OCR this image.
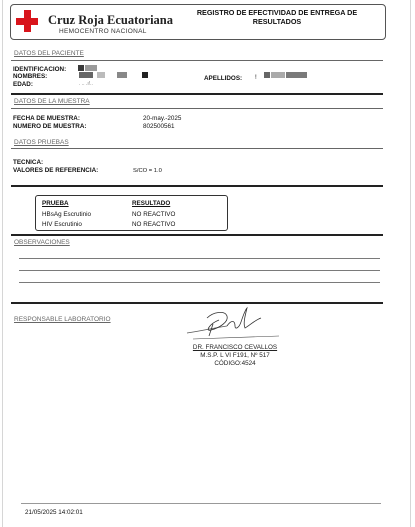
Cruz Roja Ecuatoriana
HEMOCENTRO NACIONAL
REGISTRO DE EFECTIVIDAD DE ENTREGA DE
RESULTADOS
DATOS DEL PACIENTE
IDENTIFICACION:
NOMBRES:
EDAD:	. .. .ı!..
APELLIDOS: !
DATOS DE LA MUESTRA
FECHA DE MUESTRA:	20-may.-2025
NUMERO DE MUESTRA:	802500561
DATOS PRUEBAS
TECNICA:
VALORES DE REFERENCIA:	S/CO = 1.0
PRUEBA	RESULTADO
HBsAg Escrutinio	NO REACTIVO
HIV Escrutinio	NO REACTIVO
OBSERVACIONES
RESPONSABLE LABORATORIO
DR. FRANCISCO CEVALLOS
M.S.P. L VI F191, Nº 517
CÓDIGO:4524
21/05/2025 14:02:01
